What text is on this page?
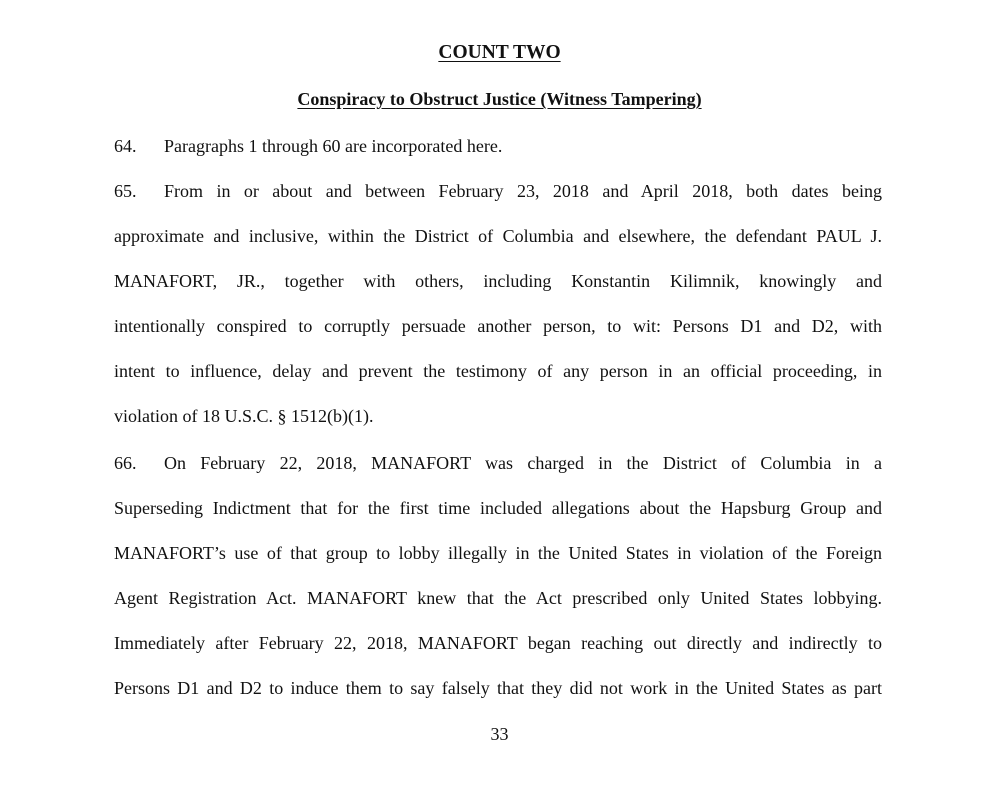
COUNT TWO
Conspiracy to Obstruct Justice (Witness Tampering)
64. Paragraphs 1 through 60 are incorporated here.
65. From in or about and between February 23, 2018 and April 2018, both dates being
approximate and inclusive, within the District of Columbia and elsewhere, the defendant PAUL J.
MANAFORT, JR., together with others, including Konstantin Kilimnik, knowingly and
intentionally conspired to corruptly persuade another person, to wit: Persons D1 and D2, with
intent to influence, delay and prevent the testimony of any person in an official proceeding, in
violation of 18 U.S.C. § 1512(b)(1).
66. On February 22, 2018, MANAFORT was charged in the District of Columbia in a
Superseding Indictment that for the first time included allegations about the Hapsburg Group and
MANAFORT’s use of that group to lobby illegally in the United States in violation of the Foreign
Agent Registration Act. MANAFORT knew that the Act prescribed only United States lobbying.
Immediately after February 22, 2018, MANAFORT began reaching out directly and indirectly to
Persons D1 and D2 to induce them to say falsely that they did not work in the United States as part
33
